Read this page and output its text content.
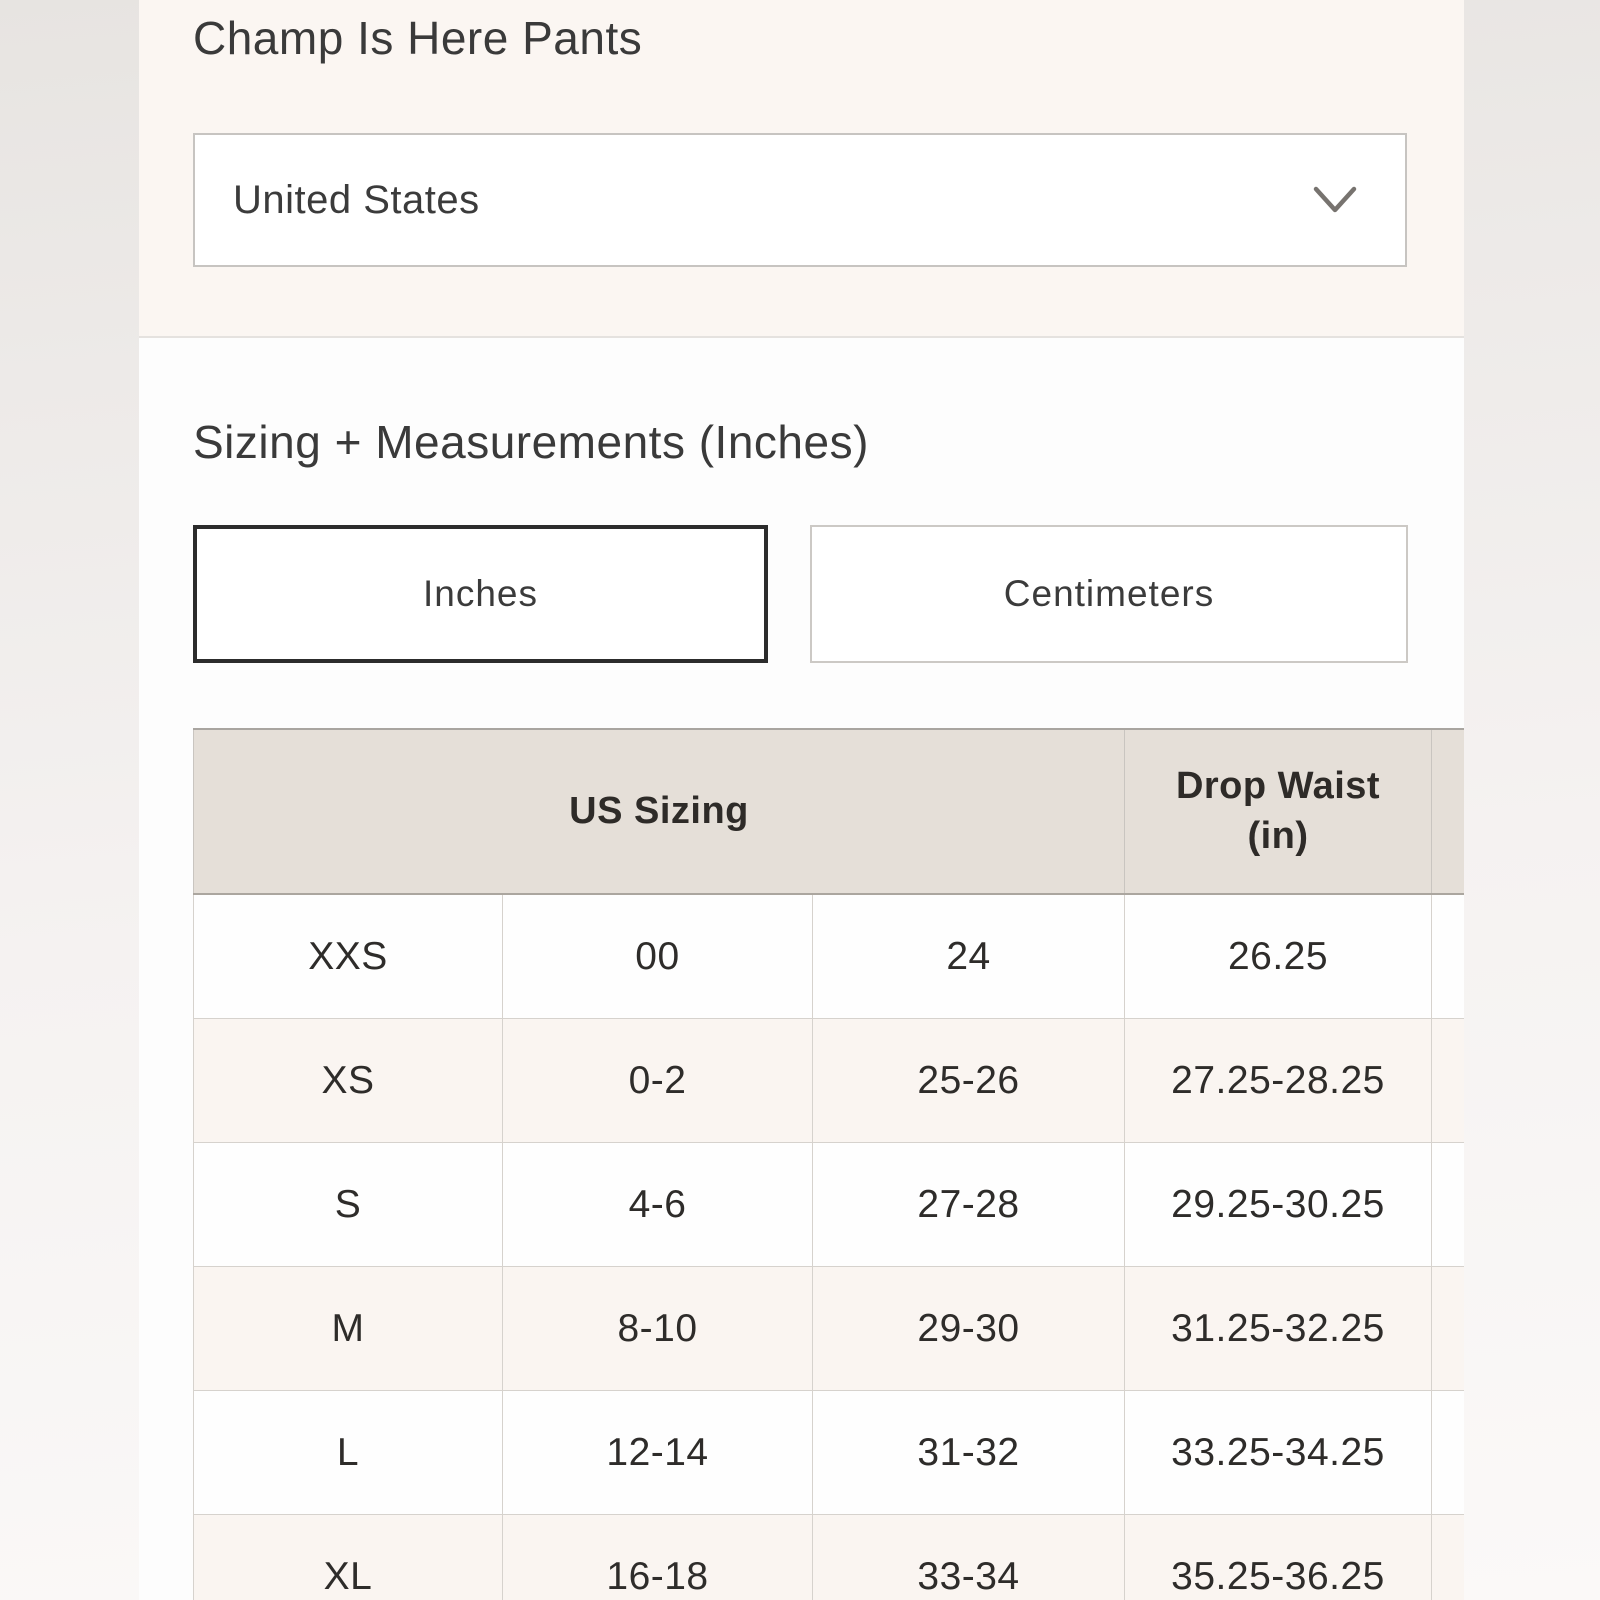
Champ Is Here Pants
United States
Sizing + Measurements (Inches)
Inches	Centimeters
US Sizing			Drop Waist (in)	
XXS	00	24	26.25	
XS	0-2	25-26	27.25-28.25	
S	4-6	27-28	29.25-30.25	
M	8-10	29-30	31.25-32.25	
L	12-14	31-32	33.25-34.25	
XL	16-18	33-34	35.25-36.25	
